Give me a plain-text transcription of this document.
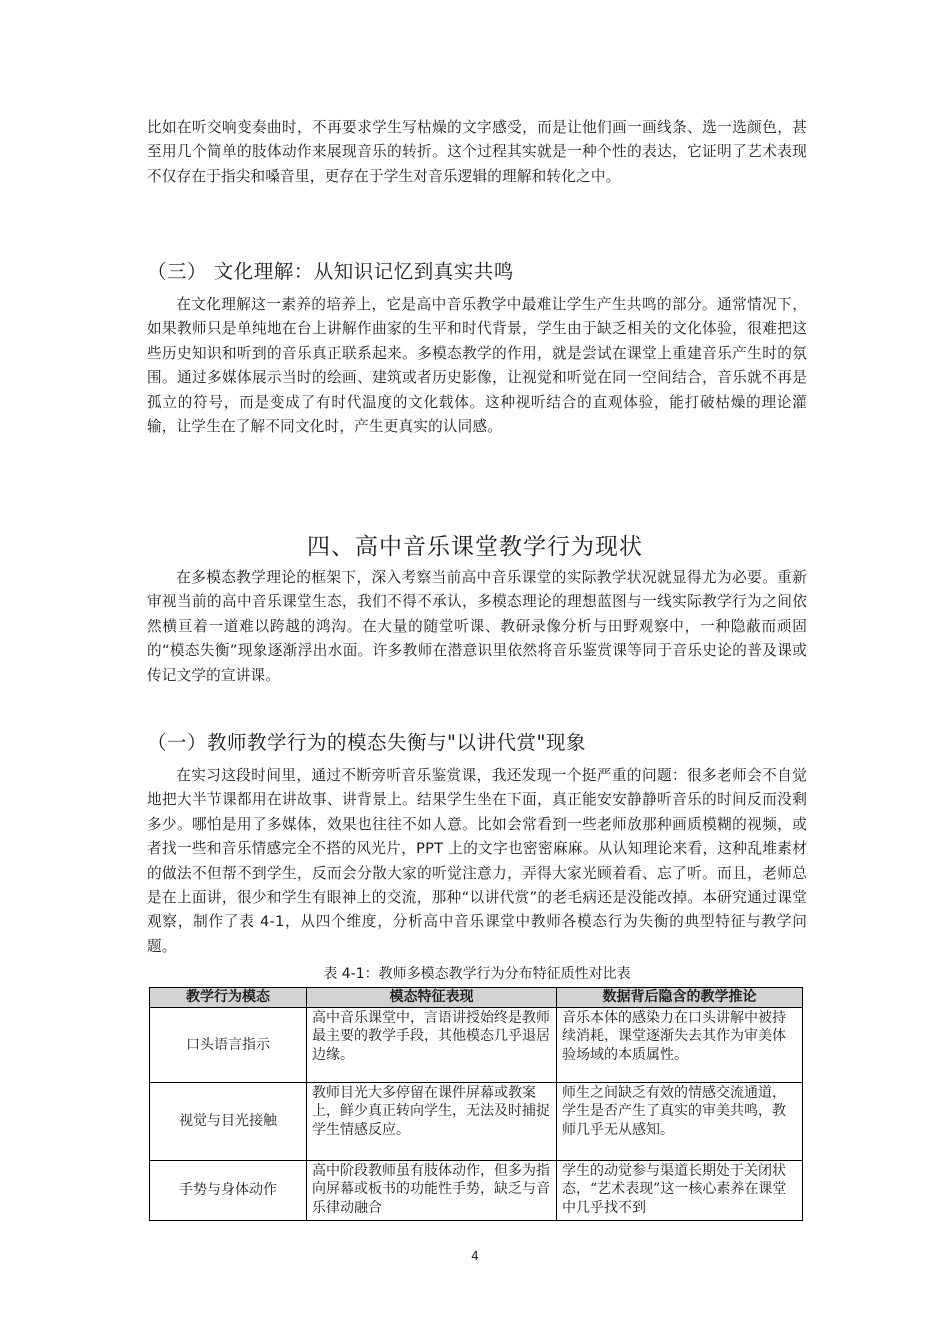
比如在听交响变奏曲时，不再要求学生写枯燥的文字感受，而是让他们画一画线条、选一选颜色，甚至用几个简单的肢体动作来展现音乐的转折。这个过程其实就是一种个性的表达，它证明了艺术表现不仅存在于指尖和嗓音里，更存在于学生对音乐逻辑的理解和转化之中。

（三） 文化理解：从知识记忆到真实共鸣

在文化理解这一素养的培养上，它是高中音乐教学中最难让学生产生共鸣的部分。通常情况下，如果教师只是单纯地在台上讲解作曲家的生平和时代背景，学生由于缺乏相关的文化体验，很难把这些历史知识和听到的音乐真正联系起来。多模态教学的作用，就是尝试在课堂上重建音乐产生时的氛围。通过多媒体展示当时的绘画、建筑或者历史影像，让视觉和听觉在同一空间结合，音乐就不再是孤立的符号，而是变成了有时代温度的文化载体。这种视听结合的直观体验，能打破枯燥的理论灌输，让学生在了解不同文化时，产生更真实的认同感。

四、高中音乐课堂教学行为现状

在多模态教学理论的框架下，深入考察当前高中音乐课堂的实际教学状况就显得尤为必要。重新审视当前的高中音乐课堂生态，我们不得不承认，多模态理论的理想蓝图与一线实际教学行为之间依然横亘着一道难以跨越的鸿沟。在大量的随堂听课、教研录像分析与田野观察中，一种隐蔽而顽固的“模态失衡”现象逐渐浮出水面。许多教师在潜意识里依然将音乐鉴赏课等同于音乐史论的普及课或传记文学的宣讲课。

（一）教师教学行为的模态失衡与"以讲代赏"现象

在实习这段时间里，通过不断旁听音乐鉴赏课，我还发现一个挺严重的问题：很多老师会不自觉地把大半节课都用在讲故事、讲背景上。结果学生坐在下面，真正能安安静静听音乐的时间反而没剩多少。哪怕是用了多媒体，效果也往往不如人意。比如会常看到一些老师放那种画质模糊的视频，或者找一些和音乐情感完全不搭的风光片，PPT 上的文字也密密麻麻。从认知理论来看，这种乱堆素材的做法不但帮不到学生，反而会分散大家的听觉注意力，弄得大家光顾着看、忘了听。而且，老师总是在上面讲，很少和学生有眼神上的交流，那种“以讲代赏”的老毛病还是没能改掉。本研究通过课堂观察，制作了表 4-1，从四个维度，分析高中音乐课堂中教师各模态行为失衡的典型特征与教学问题。

表 4-1：教师多模态教学行为分布特征质性对比表
教学行为模态	模态特征表现	数据背后隐含的教学推论
口头语言指示	高中音乐课堂中，言语讲授始终是教师最主要的教学手段，其他模态几乎退居边缘。	音乐本体的感染力在口头讲解中被持续消耗，课堂逐渐失去其作为审美体验场域的本质属性。
视觉与目光接触	教师目光大多停留在课件屏幕或教案上，鲜少真正转向学生，无法及时捕捉学生情感反应。	师生之间缺乏有效的情感交流通道，学生是否产生了真实的审美共鸣，教师几乎无从感知。
手势与身体动作	高中阶段教师虽有肢体动作，但多为指向屏幕或板书的功能性手势，缺乏与音乐律动融合	学生的动觉参与渠道长期处于关闭状态，“艺术表现”这一核心素养在课堂中几乎找不到
4
